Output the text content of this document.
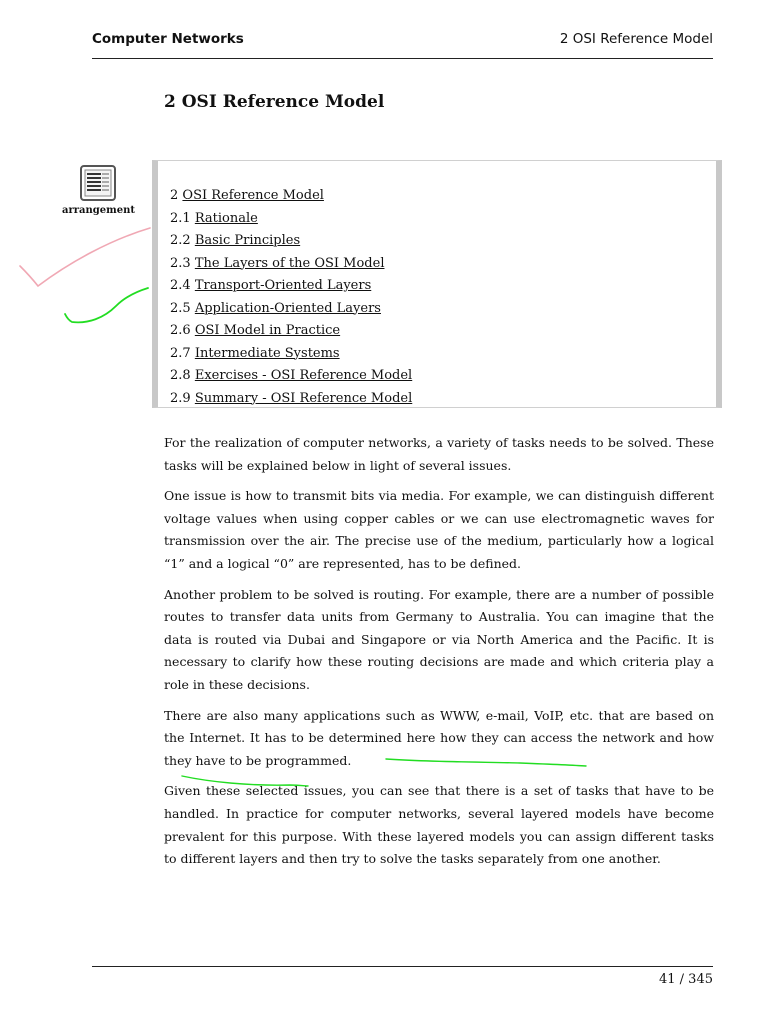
Computer Networks	2 OSI Reference Model
2 OSI Reference Model
arrangement
2 OSI Reference Model
2.1 Rationale
2.2 Basic Principles
2.3 The Layers of the OSI Model
2.4 Transport-Oriented Layers
2.5 Application-Oriented Layers
2.6 OSI Model in Practice
2.7 Intermediate Systems
2.8 Exercises - OSI Reference Model
2.9 Summary - OSI Reference Model

For the realization of computer networks, a variety of tasks needs to be solved. These tasks will be explained below in light of several issues.

One issue is how to transmit bits via media. For example, we can distinguish different voltage values when using copper cables or we can use electromagnetic waves for transmission over the air. The precise use of the medium, particularly how a logical “1” and a logical “0” are represented, has to be defined.

Another problem to be solved is routing. For example, there are a number of possible routes to transfer data units from Germany to Australia. You can imagine that the data is routed via Dubai and Singapore or via North America and the Pacific. It is necessary to clarify how these routing decisions are made and which criteria play a role in these decisions.

There are also many applications such as WWW, e-mail, VoIP, etc. that are based on the Internet. It has to be determined here how they can access the network and how they have to be programmed.

Given these selected issues, you can see that there is a set of tasks that have to be handled. In practice for computer networks, several layered models have become prevalent for this purpose. With these layered models you can assign different tasks to different layers and then try to solve the tasks separately from one another.

41 / 345
